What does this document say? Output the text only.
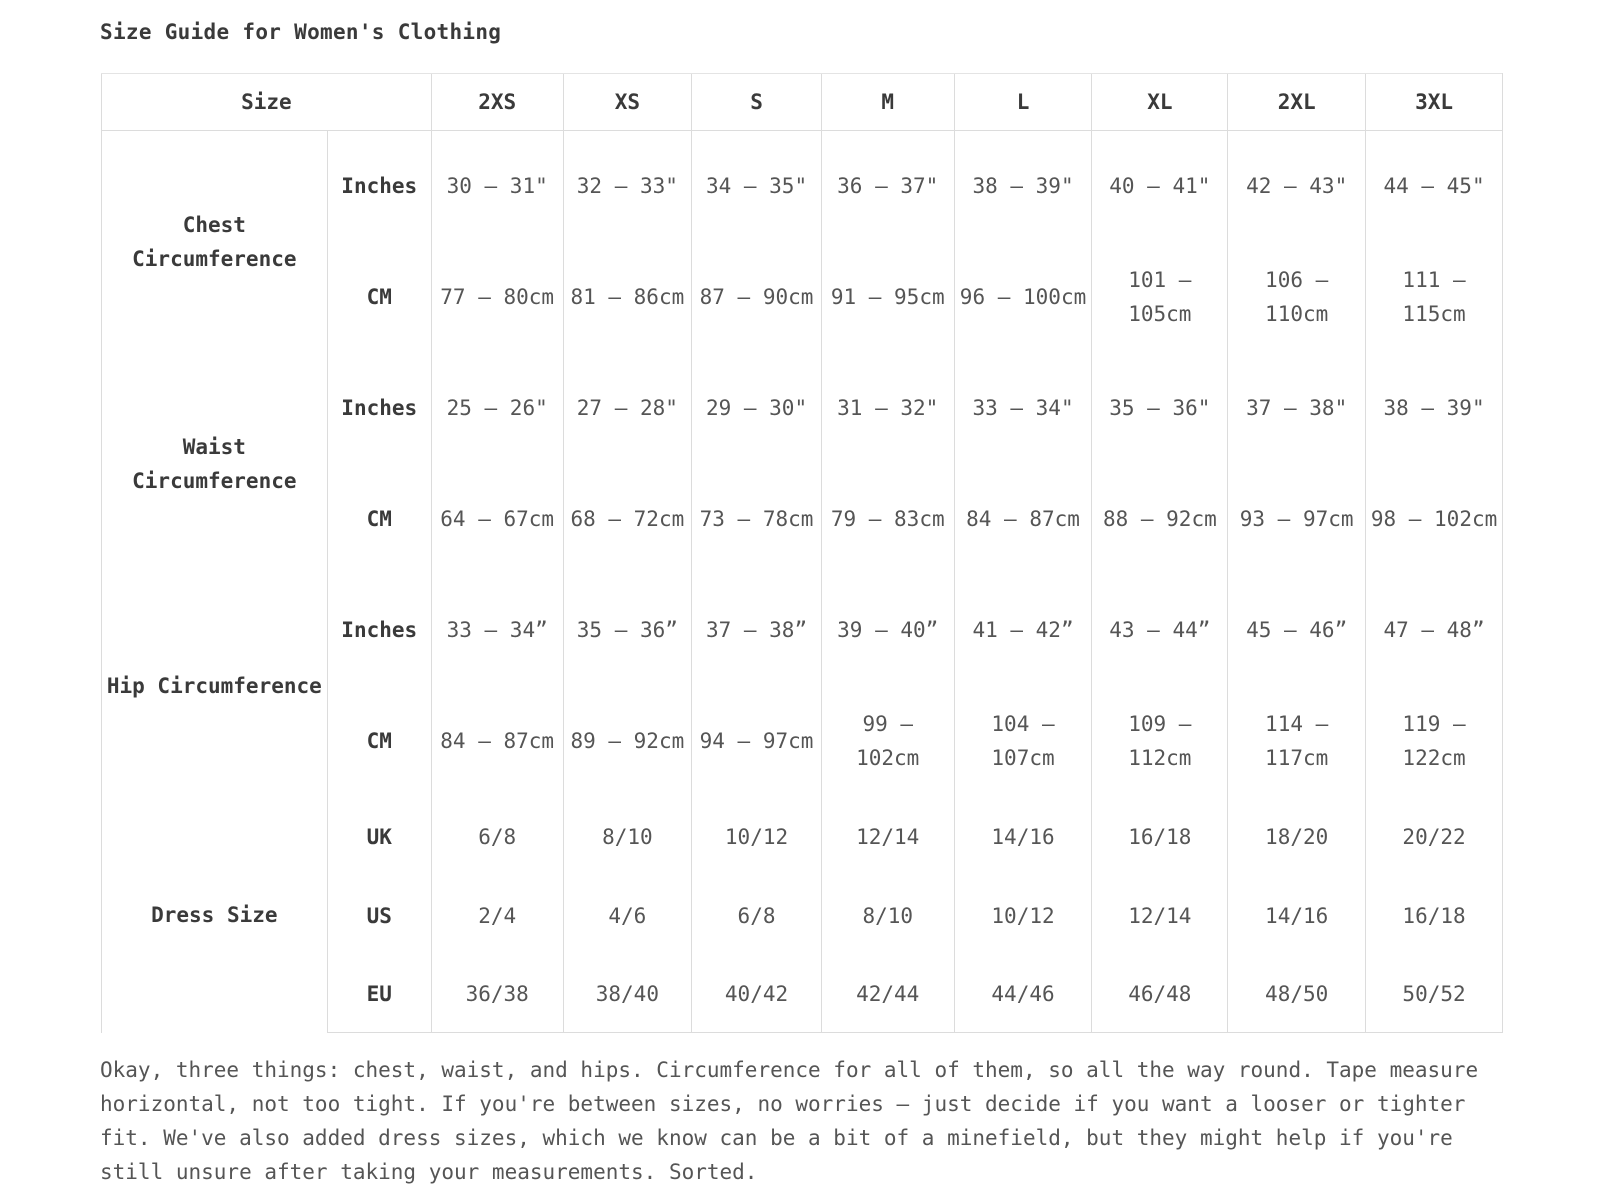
Size Guide for Women's Clothing
Size		2XS	XS	S	M	L	XL	2XL	3XL
Chest Circumference	Inches	30 – 31"	32 – 33"	34 – 35"	36 – 37"	38 – 39"	40 – 41"	42 – 43"	44 – 45"
	CM	77 – 80cm	81 – 86cm	87 – 90cm	91 – 95cm	96 – 100cm	101 – 105cm	106 – 110cm	111 – 115cm
Waist Circumference	Inches	25 – 26"	27 – 28"	29 – 30"	31 – 32"	33 – 34"	35 – 36"	37 – 38"	38 – 39"
	CM	64 – 67cm	68 – 72cm	73 – 78cm	79 – 83cm	84 – 87cm	88 – 92cm	93 – 97cm	98 – 102cm
Hip Circumference	Inches	33 – 34”	35 – 36”	37 – 38”	39 – 40”	41 – 42”	43 – 44”	45 – 46”	47 – 48”
	CM	84 – 87cm	89 – 92cm	94 – 97cm	99 – 102cm	104 – 107cm	109 – 112cm	114 – 117cm	119 – 122cm
Dress Size	UK	6/8	8/10	10/12	12/14	14/16	16/18	18/20	20/22
	US	2/4	4/6	6/8	8/10	10/12	12/14	14/16	16/18
	EU	36/38	38/40	40/42	42/44	44/46	46/48	48/50	50/52

Okay, three things: chest, waist, and hips. Circumference for all of them, so all the way round. Tape measure horizontal, not too tight. If you're between sizes, no worries – just decide if you want a looser or tighter fit. We've also added dress sizes, which we know can be a bit of a minefield, but they might help if you're still unsure after taking your measurements. Sorted.
